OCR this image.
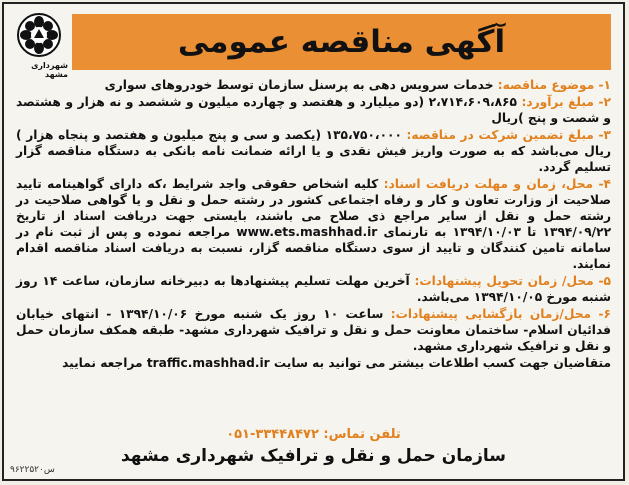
شهرداری مشهد
آگهی مناقصه عمومی

۱- موضوع مناقصه: خدمات سرویس دهی به پرسنل سازمان توسط خودروهای سواری

۲- مبلغ برآورد: ۲،۷۱۴،۶۰۹،۸۶۵ (دو میلیارد و هفتصد و چهارده میلیون و ششصد و نه هزار و هشتصد و شصت و پنج )ریال

۳- مبلغ تضمین شرکت در مناقصه: ۱۳۵،۷۵۰،۰۰۰ (یکصد و سی و پنج میلیون و هفتصد و پنجاه هزار ) ریال می‌باشد که به صورت واریز فیش نقدی و یا ارائه ضمانت نامه بانکی به دستگاه مناقصه گزار تسلیم گردد.

۴- محل، زمان و مهلت دریافت اسناد: کلیه اشخاص حقوقی واجد شرایط ،که دارای گواهینامه تایید صلاحیت از وزارت تعاون و کار و رفاه اجتماعی کشور در رشته حمل و نقل و یا گواهی صلاحیت در رشته حمل و نقل از سایر مراجع ذی صلاح می باشند، بایستی جهت دریافت اسناد از تاریخ ۱۳۹۴/۰۹/۲۲ تا ۱۳۹۴/۱۰/۰۳ به تارنمای www.ets.mashhad.ir مراجعه نموده و پس از ثبت نام در سامانه تامین کنندگان و تایید از سوی دستگاه مناقصه گزار، نسبت به دریافت اسناد مناقصه اقدام نمایند.

۵- محل/ زمان تحویل پیشنهادات: آخرین مهلت تسلیم پیشنهادها به دبیرخانه سازمان، ساعت ۱۴ روز شنبه مورخ ۱۳۹۴/۱۰/۰۵ می‌باشد.

۶- محل/زمان بازگشایی پیشنهادات: ساعت ۱۰ روز یک شنبه مورخ ۱۳۹۴/۱۰/۰۶ - انتهای خیابان فدائیان اسلام- ساختمان معاونت حمل و نقل و ترافیک شهرداری مشهد- طبقه همکف سازمان حمل و نقل و ترافیک شهرداری مشهد.

متقاضیان جهت کسب اطلاعات بیشتر می توانید به سایت traffic.mashhad.ir مراجعه نمایید

تلفن تماس: ۳۳۴۴۸۴۷۲-۰۵۱
سازمان حمل و نقل و ترافیک شهرداری مشهد
۹۶۲۲۵۲۰س
